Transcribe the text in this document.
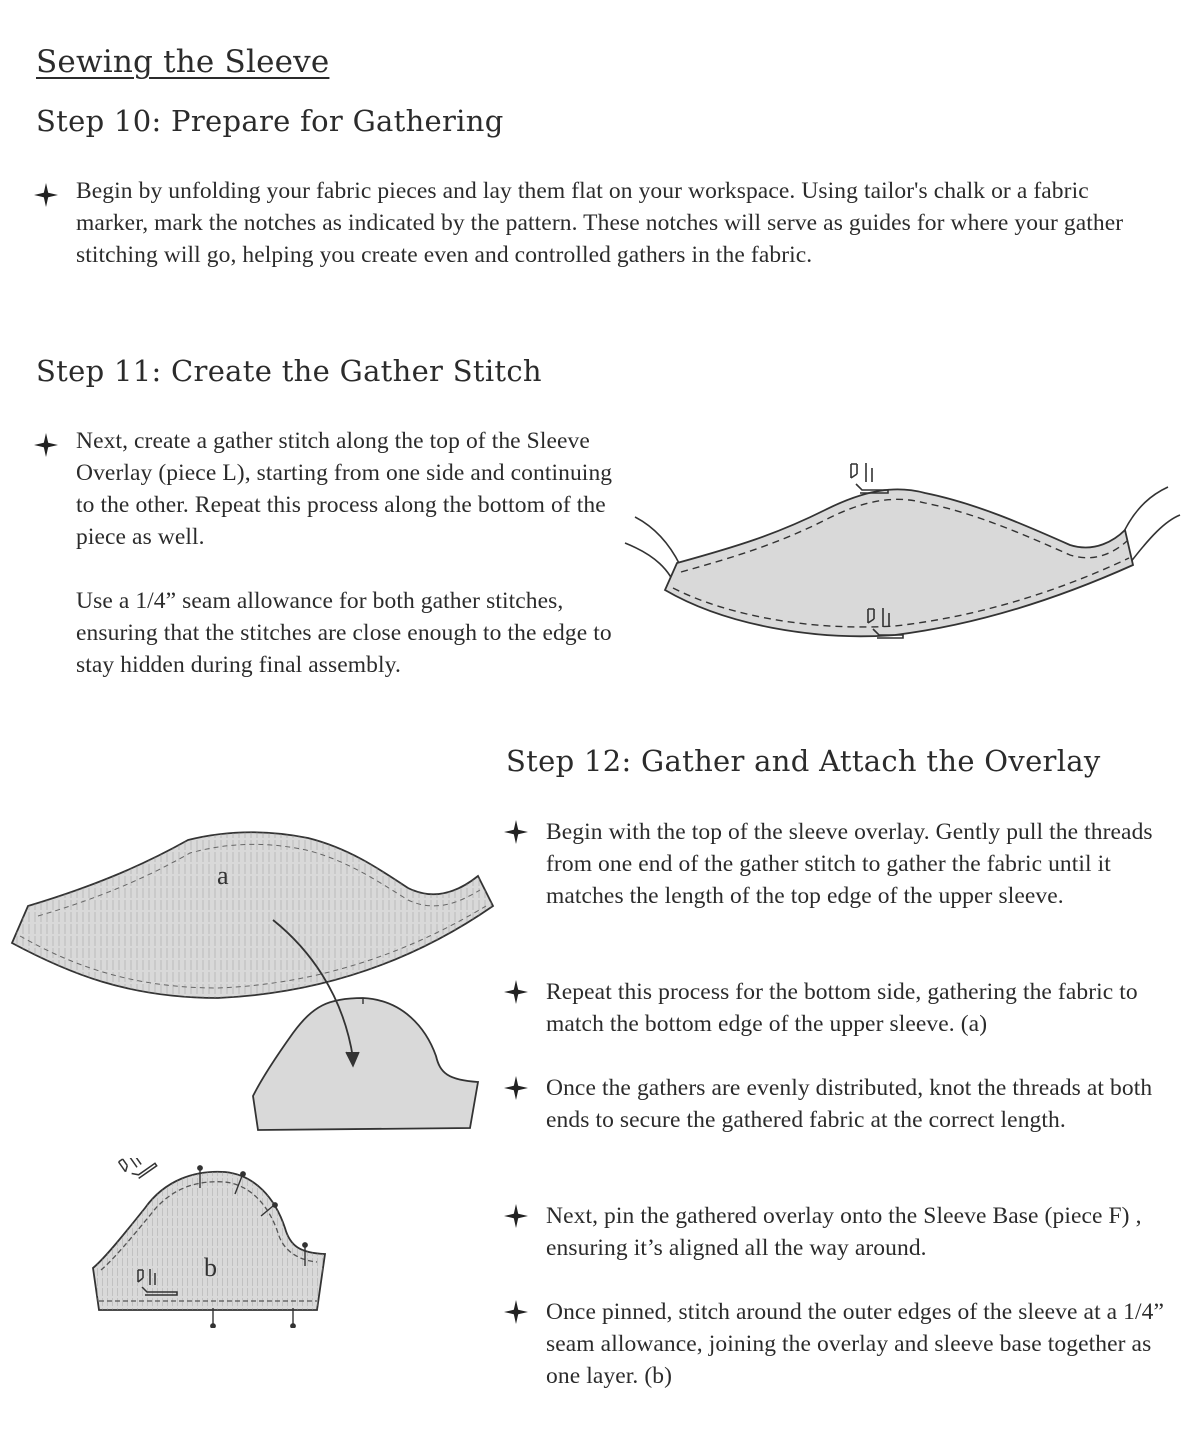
Sewing the Sleeve
Step 10: Prepare for Gathering

Begin by unfolding your fabric pieces and lay them flat on your workspace. Using tailor's chalk or a fabric marker, mark the notches as indicated by the pattern. These notches will serve as guides for where your gather stitching will go, helping you create even and controlled gathers in the fabric.

Step 11: Create the Gather Stitch

Next, create a gather stitch along the top of the Sleeve Overlay (piece L), starting from one side and continuing to the other. Repeat this process along the bottom of the piece as well.

Use a 1/4” seam allowance for both gather stitches, ensuring that the stitches are close enough to the edge to stay hidden during final assembly.

Step 12: Gather and Attach the Overlay
Begin with the top of the sleeve overlay. Gently pull the threads from one end of the gather stitch to gather the fabric until it matches the length of the top edge of the upper sleeve.
Repeat this process for the bottom side, gathering the fabric to match the bottom edge of the upper sleeve. (a)
Once the gathers are evenly distributed, knot the threads at both ends to secure the gathered fabric at the correct length.
Next, pin the gathered overlay onto the Sleeve Base (piece F) , ensuring it’s aligned all the way around.
Once pinned, stitch around the outer edges of the sleeve at a 1/4” seam allowance, joining the overlay and sleeve base together as one layer. (b)
a
b
